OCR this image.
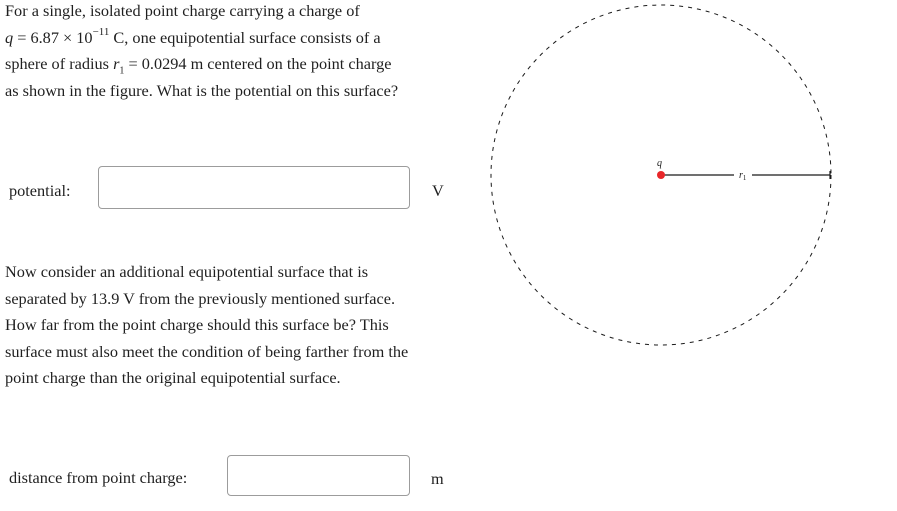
For a single, isolated point charge carrying a charge of
$q = 6.87 \times 10^{-11}$ C, one equipotential surface consists of a
sphere of radius $r_1 = 0.0294$ m centered on the point charge
as shown in the figure. What is the potential on this surface?

potential:	V

Now consider an additional equipotential surface that is
separated by 13.9 V from the previously mentioned surface.
How far from the point charge should this surface be? This
surface must also meet the condition of being farther from the
point charge than the original equipotential surface.

distance from point charge:	m
q
$r_1$
